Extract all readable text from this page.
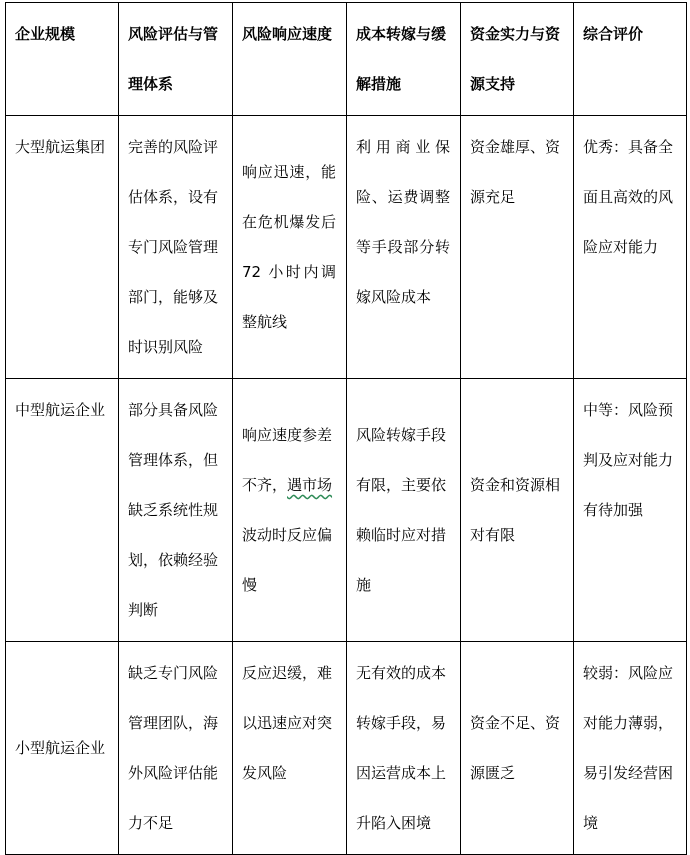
企业规模	风险评估与管理体系	风险响应速度	成本转嫁与缓解措施	资金实力与资源支持	综合评价
大型航运集团	完善的风险评估体系，设有专门风险管理部门，能够及时识别风险	响应迅速，能在危机爆发后72 小时内调整航线	利用商业保险、运费调整等手段部分转嫁风险成本	资金雄厚、资源充足	优秀：具备全面且高效的风险应对能力
中型航运企业	部分具备风险管理体系，但缺乏系统性规划，依赖经验判断	响应速度参差不齐，遇市场波动时反应偏慢	风险转嫁手段有限，主要依赖临时应对措施	资金和资源相对有限	中等：风险预判及应对能力有待加强
小型航运企业	缺乏专门风险管理团队，海外风险评估能力不足	反应迟缓，难以迅速应对突发风险	无有效的成本转嫁手段，易因运营成本上升陷入困境	资金不足、资源匮乏	较弱：风险应对能力薄弱，易引发经营困境
